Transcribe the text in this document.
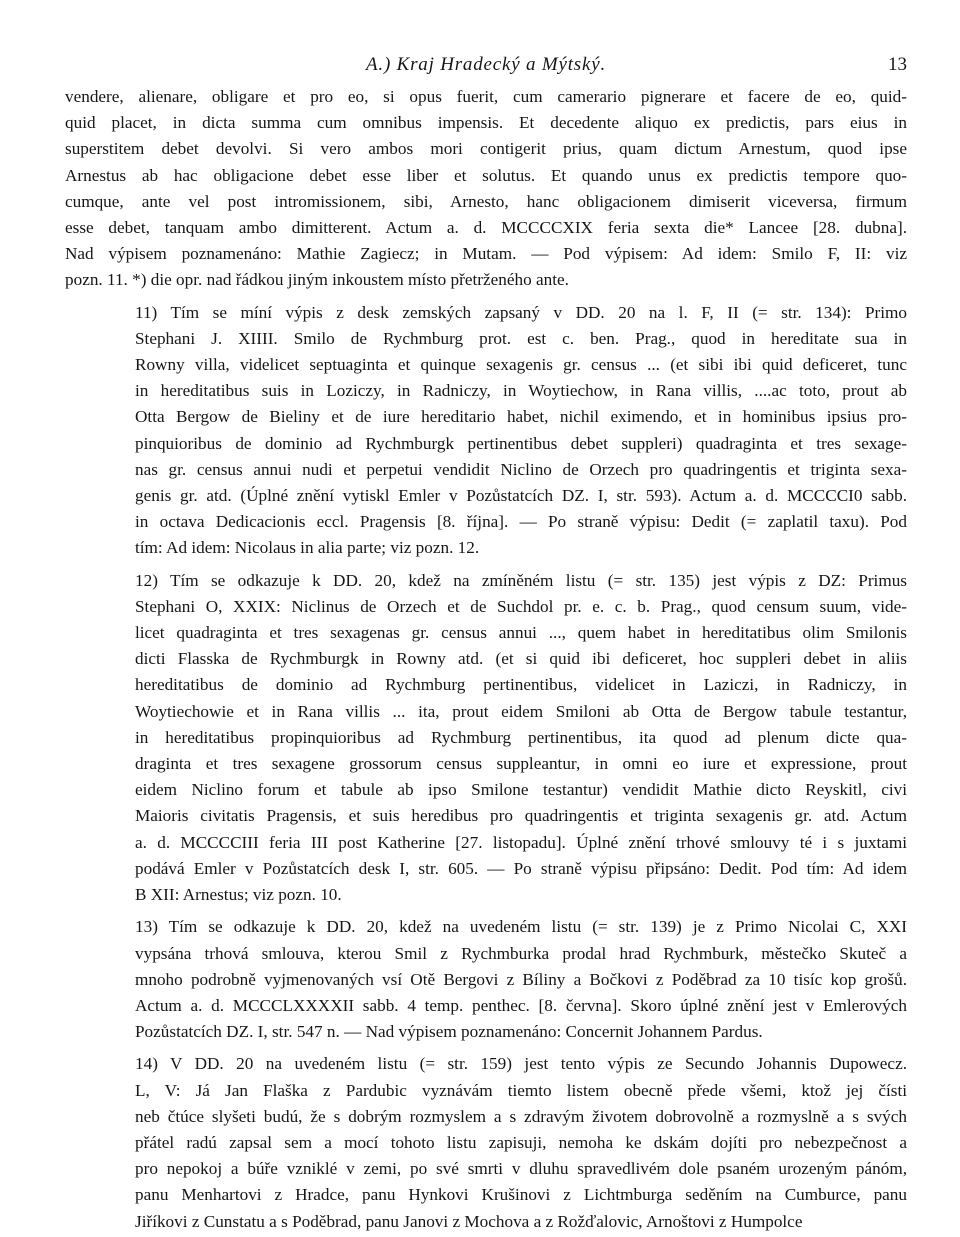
A.) Kraj Hradecký a Mýtský.	13
vendere, alienare, obligare et pro eo, si opus fuerit, cum camerario pignerare et facere de eo, quid-
quid placet, in dicta summa cum omnibus impensis. Et decedente aliquo ex predictis, pars eius in
superstitem debet devolvi. Si vero ambos mori contigerit prius, quam dictum Arnestum, quod ipse
Arnestus ab hac obligacione debet esse liber et solutus. Et quando unus ex predictis tempore quo-
cumque, ante vel post intromissionem, sibi, Arnesto, hanc obligacionem dimiserit viceversa, firmum
esse debet, tanquam ambo dimitterent. Actum a. d. MCCCCXIX feria sexta die* Lancee [28. dubna].
Nad výpisem poznamenáno: Mathie Zagiecz; in Mutam. — Pod výpisem: Ad idem: Smilo F, II: viz
pozn. 11. *) die opr. nad řádkou jiným inkoustem místo přetrženého ante.
11) Tím se míní výpis z desk zemských zapsaný v DD. 20 na l. F, II (= str. 134): Primo
Stephani J. XIIII. Smilo de Rychmburg prot. est c. ben. Prag., quod in hereditate sua in
Rowny villa, videlicet septuaginta et quinque sexagenis gr. census ... (et sibi ibi quid deficeret, tunc
in hereditatibus suis in Loziczy, in Radniczy, in Woytiechow, in Rana villis, ....ac toto, prout ab
Otta Bergow de Bieliny et de iure hereditario habet, nichil eximendo, et in hominibus ipsius pro-
pinquioribus de dominio ad Rychmburgk pertinentibus debet suppleri) quadraginta et tres sexage-
nas gr. census annui nudi et perpetui vendidit Niclino de Orzech pro quadringentis et triginta sexa-
genis gr. atd. (Úplné znění vytiskl Emler v Pozůstatcích DZ. I, str. 593). Actum a. d. MCCCCI0 sabb.
in octava Dedicacionis eccl. Pragensis [8. října]. — Po straně výpisu: Dedit (= zaplatil taxu). Pod
tím: Ad idem: Nicolaus in alia parte; viz pozn. 12.
12) Tím se odkazuje k DD. 20, kdež na zmíněném listu (= str. 135) jest výpis z DZ: Primus
Stephani O, XXIX: Niclinus de Orzech et de Suchdol pr. e. c. b. Prag., quod censum suum, vide-
licet quadraginta et tres sexagenas gr. census annui ..., quem habet in hereditatibus olim Smilonis
dicti Flasska de Rychmburgk in Rowny atd. (et si quid ibi deficeret, hoc suppleri debet in aliis
hereditatibus de dominio ad Rychmburg pertinentibus, videlicet in Laziczi, in Radniczy, in
Woytiechowie et in Rana villis ... ita, prout eidem Smiloni ab Otta de Bergow tabule testantur,
in hereditatibus propinquioribus ad Rychmburg pertinentibus, ita quod ad plenum dicte qua-
draginta et tres sexagene grossorum census suppleantur, in omni eo iure et expressione, prout
eidem Niclino forum et tabule ab ipso Smilone testantur) vendidit Mathie dicto Reyskitl, civi
Maioris civitatis Pragensis, et suis heredibus pro quadringentis et triginta sexagenis gr. atd. Actum
a. d. MCCCCIII feria III post Katherine [27. listopadu]. Úplné znění trhové smlouvy té i s juxtami
podává Emler v Pozůstatcích desk I, str. 605. — Po straně výpisu připsáno: Dedit. Pod tím: Ad idem
B XII: Arnestus; viz pozn. 10.
13) Tím se odkazuje k DD. 20, kdež na uvedeném listu (= str. 139) je z Primo Nicolai C, XXI
vypsána trhová smlouva, kterou Smil z Rychmburka prodal hrad Rychmburk, městečko Skuteč a
mnoho podrobně vyjmenovaných vsí Otě Bergovi z Bíliny a Bočkovi z Poděbrad za 10 tisíc kop grošů.
Actum a. d. MCCCLXXXXII sabb. 4 temp. penthec. [8. června]. Skoro úplné znění jest v Emlerových
Pozůstatcích DZ. I, str. 547 n. — Nad výpisem poznamenáno: Concernit Johannem Pardus.
14) V DD. 20 na uvedeném listu (= str. 159) jest tento výpis ze Secundo Johannis Dupowecz.
L, V: Já Jan Flaška z Pardubic vyznávám tiemto listem obecně přede všemi, ktož jej čísti
neb čtúce slyšeti budú, že s dobrým rozmyslem a s zdravým životem dobrovolně a rozmyslně a s svých
přátel radú zapsal sem a mocí tohoto listu zapisuji, nemoha ke dskám dojíti pro nebezpečnost a
pro nepokoj a búře vzniklé v zemi, po své smrti v dluhu spravedlivém dole psaném urozeným pánóm,
panu Menhartovi z Hradce, panu Hynkovi Krušinovi z Lichtmburga seděním na Cumburce, panu
Jiříkovi z Cunstatu a s Poděbrad, panu Janovi z Mochova a z Rožďalovic, Arnoštovi z Humpolce
